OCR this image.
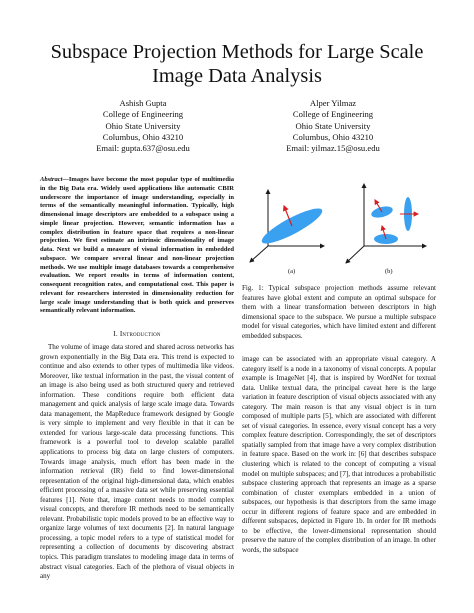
Subspace Projection Methods for Large Scale
Image Data Analysis
Ashish Gupta
College of Engineering
Ohio State University
Columbus, Ohio 43210
Email: gupta.637@osu.edu
Alper Yilmaz
College of Engineering
Ohio State University
Columbus, Ohio 43210
Email: yilmaz.15@osu.edu

Abstract—Images have become the most popular type of multimedia in the Big Data era. Widely used applications like automatic CBIR underscore the importance of image understanding, especially in terms of the semantically meaningful information. Typically, high dimensional image descriptors are embedded to a subspace using a simple linear projection. However, semantic information has a complex distribution in feature space that requires a non-linear projection. We first estimate an intrinsic dimensionality of image data. Next we build a measure of visual information in embedded subspace. We compare several linear and non-linear projection methods. We use multiple image databases towards a comprehensive evaluation. We report results in terms of information content, consequent recognition rates, and computational cost. This paper is relevant for researchers interested in dimensionality reduction for large scale image understanding that is both quick and preserves semantically relevant information.

I. Introduction

The volume of image data stored and shared across networks has grown exponentially in the Big Data era. This trend is expected to continue and also extends to other types of multimedia like videos. Moreover, like textual information in the past, the visual content of an image is also being used as both structured query and retrieved information. These conditions require both efficient data management and quick analysis of large scale image data. Towards data management, the MapReduce framework designed by Google is very simple to implement and very flexible in that it can be extended for various large-scale data processing functions. This framework is a powerful tool to develop scalable parallel applications to process big data on large clusters of computers. Towards image analysis, much effort has been made in the information retrieval (IR) field to find lower-dimensional representation of the original high-dimensional data, which enables efficient processing of a massive data set while preserving essential features [1]. Note that, image content needs to model complex visual concepts, and therefore IR methods need to be semantically relevant. Probabilistic topic models proved to be an effective way to organize large volumes of text documents [2]. In natural language processing, a topic model refers to a type of statistical model for representing a collection of documents by discovering abstract topics. This paradigm translates to modeling image data in terms of abstract visual categories. Each of the plethora of visual objects in any

(a)	(b)
Fig. 1: Typical subspace projection methods assume relevant features have global extent and compute an optimal subspace for them with a linear transformation between descriptors in high dimensional space to the subspace. We pursue a multiple subspace model for visual categories, which have limited extent and different embedded subspaces.

image can be associated with an appropriate visual category. A category itself is a node in a taxonomy of visual concepts. A popular example is ImageNet [4], that is inspired by WordNet for textual data. Unlike textual data, the principal caveat here is the large variation in feature description of visual objects associated with any category. The main reason is that any visual object is in turn composed of multiple parts [5], which are associated with different set of visual categories. In essence, every visual concept has a very complex feature description. Correspondingly, the set of descriptors spatially sampled from that image have a very complex distribution in feature space. Based on the work in: [6] that describes subspace clustering which is related to the concept of computing a visual model on multiple subspaces; and [7], that introduces a probabilistic subspace clustering approach that represents an image as a sparse combination of cluster exemplars embedded in a union of subspaces, our hypothesis is that descriptors from the same image occur in different regions of feature space and are embedded in different subspaces, depicted in Figure 1b. In order for IR methods to be effective, the lower-dimensional representation should preserve the nature of the complex distribution of an image. In other words, the subspace
